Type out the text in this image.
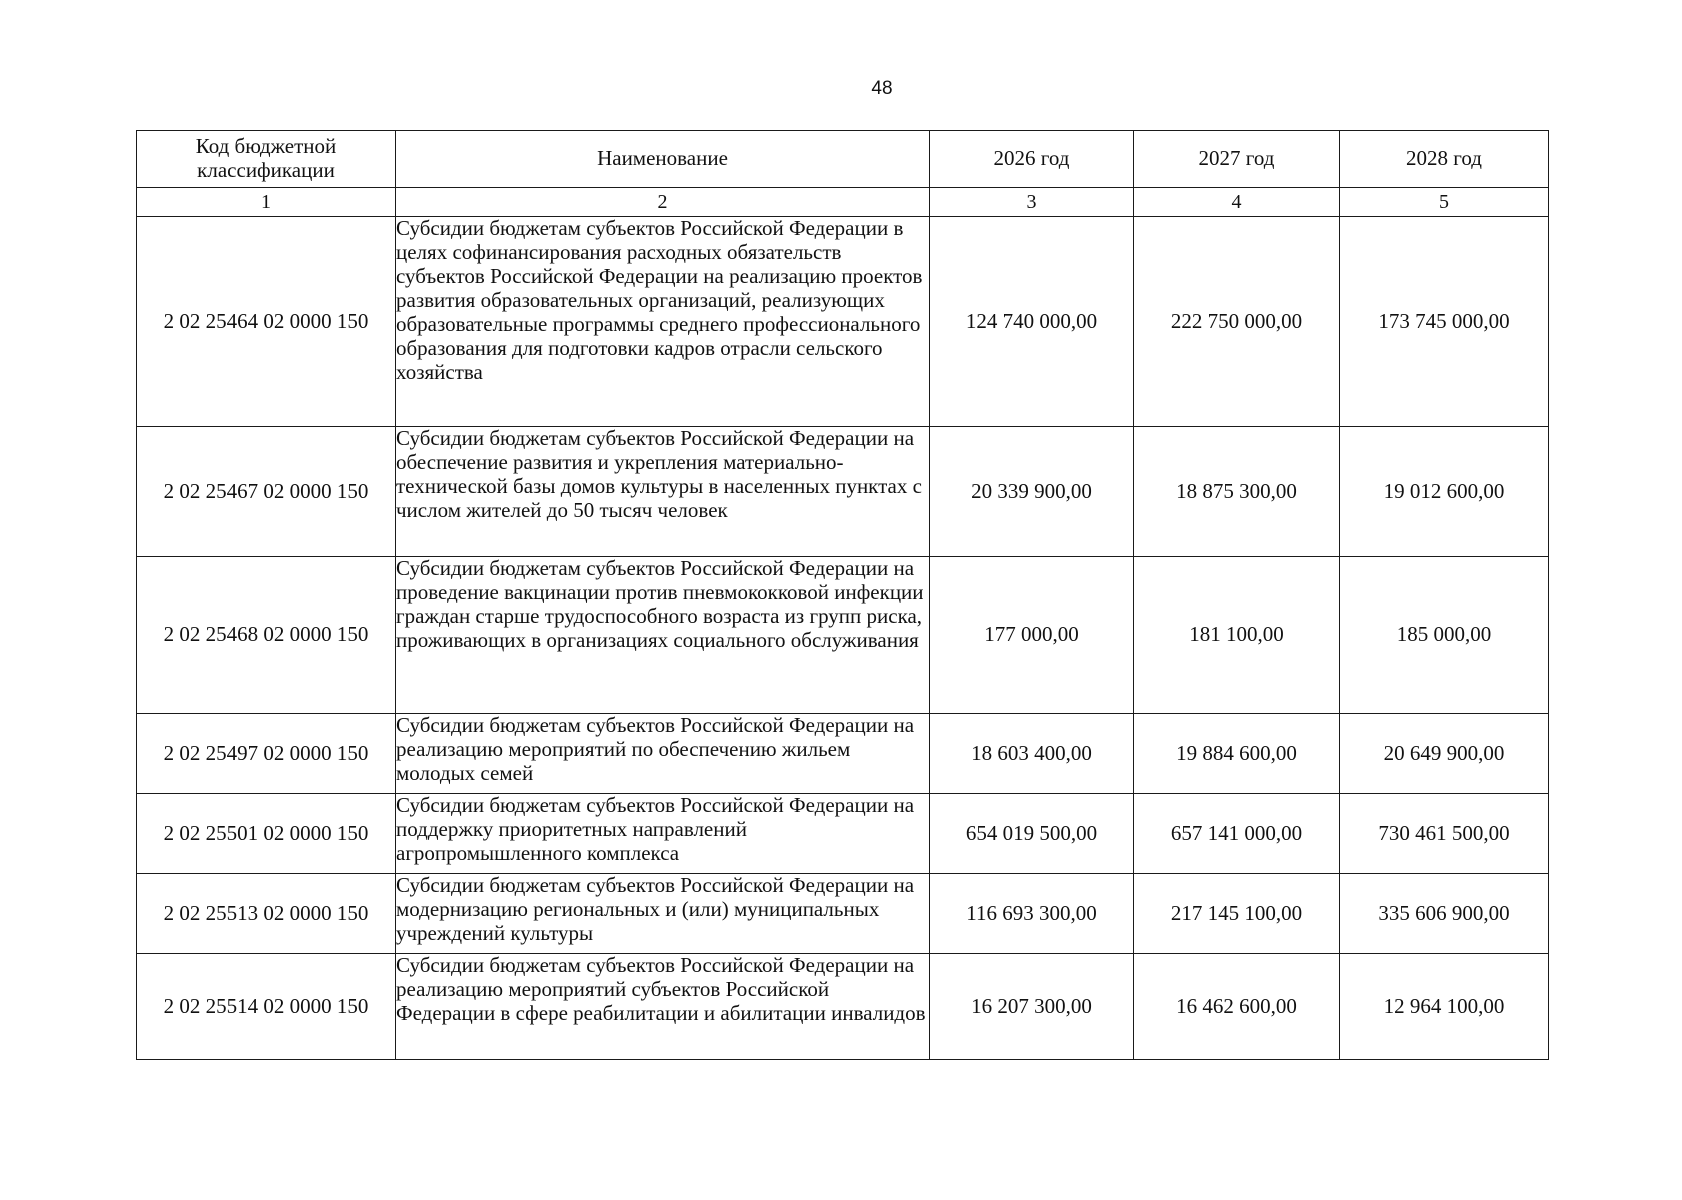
48
Код бюджетной классификации	Наименование	2026 год	2027 год	2028 год
1	2	3	4	5
2 02 25464 02 0000 150	Субсидии бюджетам субъектов Российской Федерации в целях софинансирования расходных обязательств субъектов Российской Федерации на реализацию проектов развития образовательных организаций, реализующих образовательные программы среднего профессионального образования для подготовки кадров отрасли сельского хозяйства	124 740 000,00	222 750 000,00	173 745 000,00
2 02 25467 02 0000 150	Субсидии бюджетам субъектов Российской Федерации на обеспечение развития и укрепления материально-технической базы домов культуры в населенных пунктах с числом жителей до 50 тысяч человек	20 339 900,00	18 875 300,00	19 012 600,00
2 02 25468 02 0000 150	Субсидии бюджетам субъектов Российской Федерации на проведение вакцинации против пневмококковой инфекции граждан старше трудоспособного возраста из групп риска, проживающих в организациях социального обслуживания	177 000,00	181 100,00	185 000,00
2 02 25497 02 0000 150	Субсидии бюджетам субъектов Российской Федерации на реализацию мероприятий по обеспечению жильем молодых семей	18 603 400,00	19 884 600,00	20 649 900,00
2 02 25501 02 0000 150	Субсидии бюджетам субъектов Российской Федерации на поддержку приоритетных направлений агропромышленного комплекса	654 019 500,00	657 141 000,00	730 461 500,00
2 02 25513 02 0000 150	Субсидии бюджетам субъектов Российской Федерации на модернизацию региональных и (или) муниципальных учреждений культуры	116 693 300,00	217 145 100,00	335 606 900,00
2 02 25514 02 0000 150	Субсидии бюджетам субъектов Российской Федерации на реализацию мероприятий субъектов Российской Федерации в сфере реабилитации и абилитации инвалидов	16 207 300,00	16 462 600,00	12 964 100,00
